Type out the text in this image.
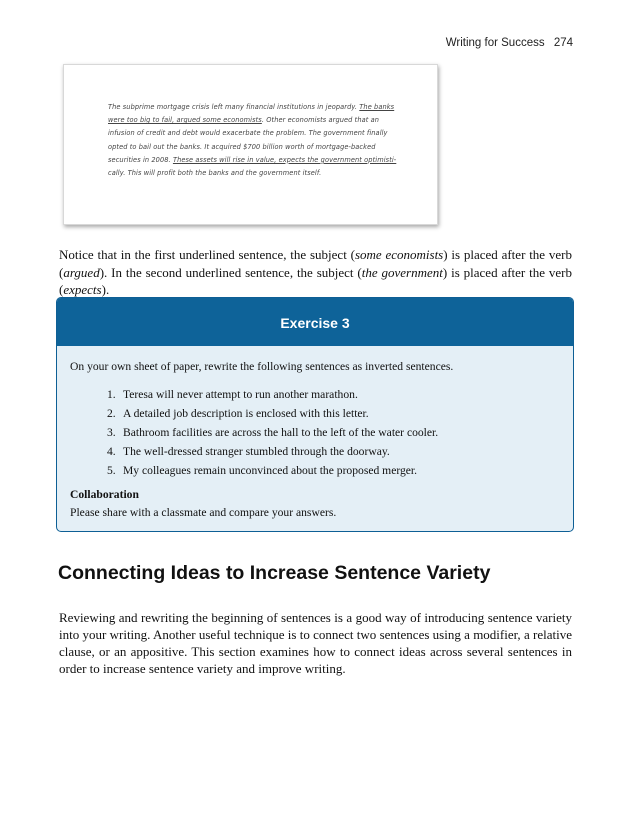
Writing for Success 274
The subprime mortgage crisis left many financial institutions in jeopardy. The banks
were too big to fail, argued some economists. Other economists argued that an
infusion of credit and debt would exacerbate the problem. The government finally
opted to bail out the banks. It acquired $700 billion worth of mortgage-backed
securities in 2008. These assets will rise in value, expects the government optimisti-
cally. This will profit both the banks and the government itself.

Notice that in the first underlined sentence, the subject (some economists) is placed after the verb (argued). In the second underlined sentence, the subject (the government) is placed after the verb (expects).

Exercise 3

On your own sheet of paper, rewrite the following sentences as inverted sentences.

1. Teresa will never attempt to run another marathon.
2. A detailed job description is enclosed with this letter.
3. Bathroom facilities are across the hall to the left of the water cooler.
4. The well-dressed stranger stumbled through the doorway.
5. My colleagues remain unconvinced about the proposed merger.
Collaboration
Please share with a classmate and compare your answers.
Connecting Ideas to Increase Sentence Variety

Reviewing and rewriting the beginning of sentences is a good way of introducing sentence variety into your writing. Another useful technique is to connect two sentences using a modifier, a relative clause, or an appositive. This section examines how to connect ideas across several sentences in order to increase sentence variety and improve writing.
